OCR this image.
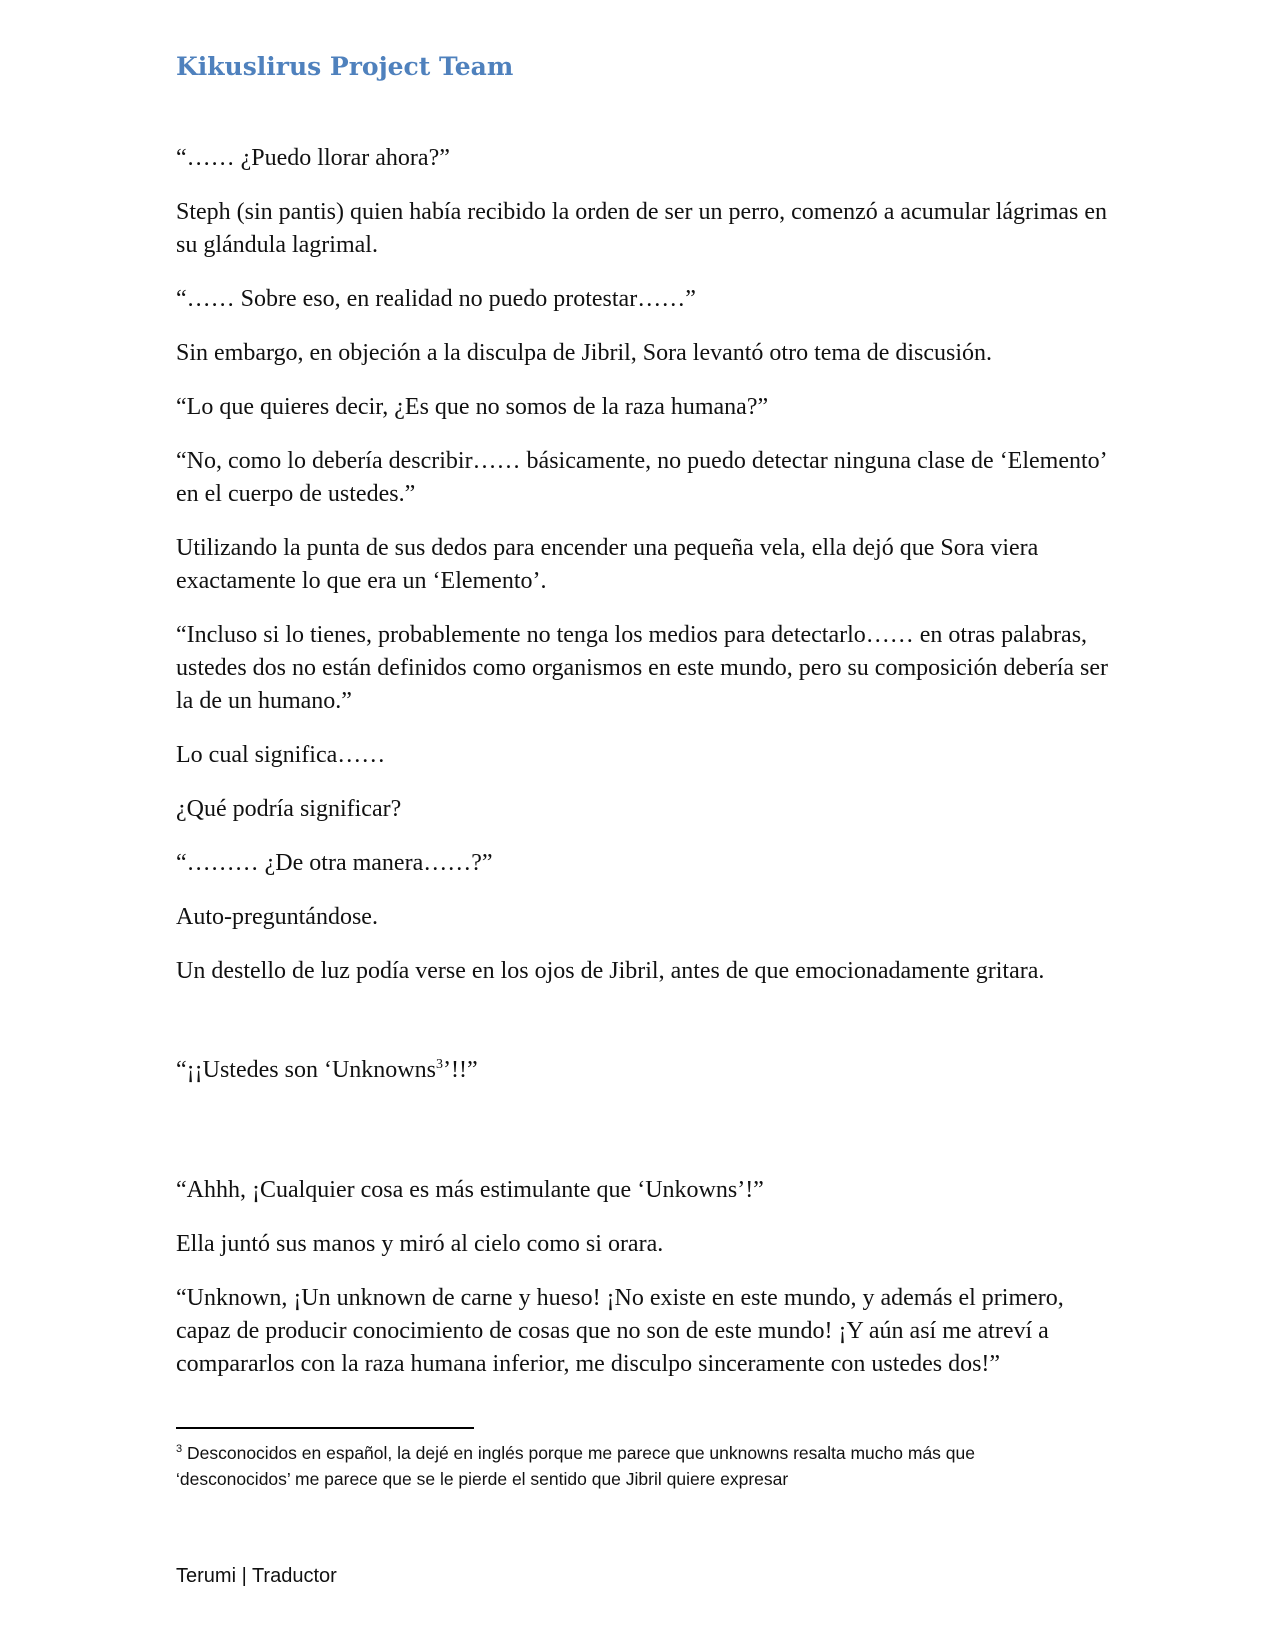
Kikuslirus Project Team

“…… ¿Puedo llorar ahora?”

Steph (sin pantis) quien había recibido la orden de ser un perro, comenzó a acumular lágrimas en su glándula lagrimal.

“…… Sobre eso, en realidad no puedo protestar……”

Sin embargo, en objeción a la disculpa de Jibril, Sora levantó otro tema de discusión.

“Lo que quieres decir, ¿Es que no somos de la raza humana?”

“No, como lo debería describir…… básicamente, no puedo detectar ninguna clase de ‘Elemento’ en el cuerpo de ustedes.”

Utilizando la punta de sus dedos para encender una pequeña vela, ella dejó que Sora viera exactamente lo que era un ‘Elemento’.

“Incluso si lo tienes, probablemente no tenga los medios para detectarlo…… en otras palabras, ustedes dos no están definidos como organismos en este mundo, pero su composición debería ser la de un humano.”

Lo cual significa……

¿Qué podría significar?

“……… ¿De otra manera……?”

Auto-preguntándose.

Un destello de luz podía verse en los ojos de Jibril, antes de que emocionadamente gritara.

“¡¡Ustedes son ‘Unknowns$^3$’!!”

“Ahhh, ¡Cualquier cosa es más estimulante que ‘Unkowns’!”

Ella juntó sus manos y miró al cielo como si orara.

“Unknown, ¡Un unknown de carne y hueso! ¡No existe en este mundo, y además el primero, capaz de producir conocimiento de cosas que no son de este mundo! ¡Y aún así me atreví a compararlos con la raza humana inferior, me disculpo sinceramente con ustedes dos!”

$^3$ Desconocidos en español, la dejé en inglés porque me parece que unknowns resalta mucho más que ‘desconocidos’ me parece que se le pierde el sentido que Jibril quiere expresar
Terumi | Traductor
